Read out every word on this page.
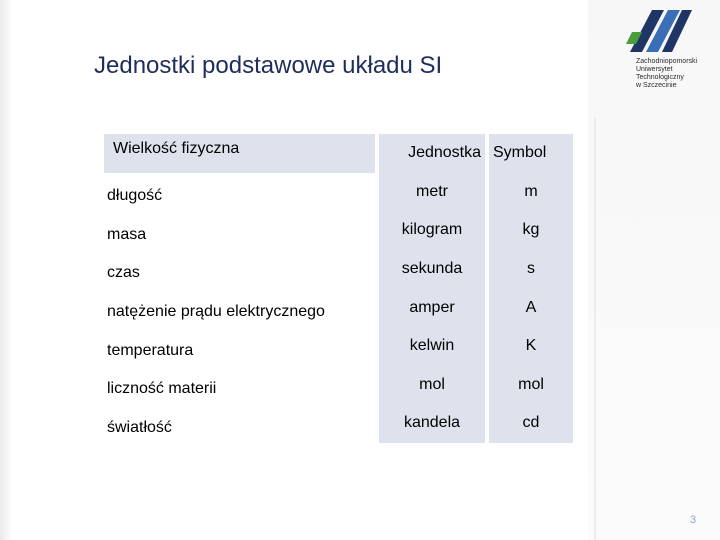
Jednostki podstawowe układu SI	Zachodniopomorski
Uniwersytet
Technologiczny
w Szczecinie
Wielkość fizyczna		Jednostka		Symbol
długość		metr		m
masa		kilogram		kg
czas		sekunda		s
natężenie prądu elektrycznego		amper		A
temperatura		kelwin		K
liczność materii		mol		mol
światłość		kandela		cd
3
